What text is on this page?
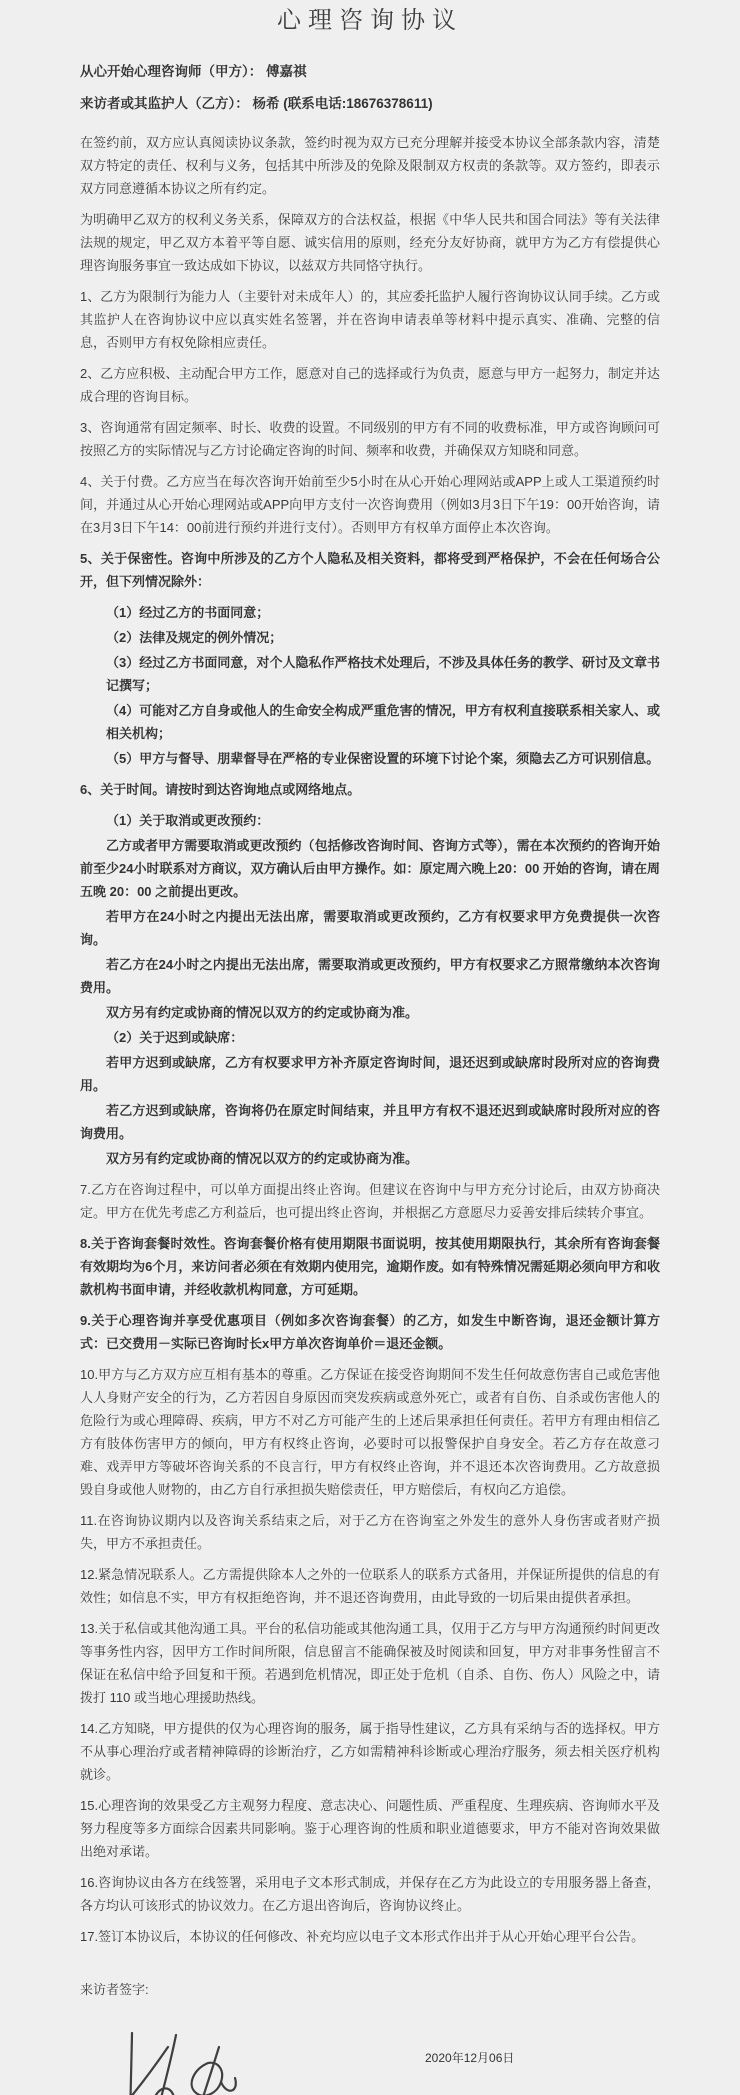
心理咨询协议

从心开始心理咨询师（甲方）： 傅嘉祺

来访者或其监护人（乙方）： 杨希 (联系电话:18676378611)

在签约前，双方应认真阅读协议条款，签约时视为双方已充分理解并接受本协议全部条款内容，清楚双方特定的责任、权利与义务，包括其中所涉及的免除及限制双方权责的条款等。双方签约，即表示双方同意遵循本协议之所有约定。

为明确甲乙双方的权利义务关系，保障双方的合法权益，根据《中华人民共和国合同法》等有关法律法规的规定，甲乙双方本着平等自愿、诚实信用的原则，经充分友好协商，就甲方为乙方有偿提供心理咨询服务事宜一致达成如下协议，以兹双方共同恪守执行。

1、乙方为限制行为能力人（主要针对未成年人）的，其应委托监护人履行咨询协议认同手续。乙方或其监护人在咨询协议中应以真实姓名签署，并在咨询申请表单等材料中提示真实、准确、完整的信息，否则甲方有权免除相应责任。

2、乙方应积极、主动配合甲方工作，愿意对自己的选择或行为负责，愿意与甲方一起努力，制定并达成合理的咨询目标。

3、咨询通常有固定频率、时长、收费的设置。不同级别的甲方有不同的收费标准，甲方或咨询顾问可按照乙方的实际情况与乙方讨论确定咨询的时间、频率和收费，并确保双方知晓和同意。

4、关于付费。乙方应当在每次咨询开始前至少5小时在从心开始心理网站或APP上或人工渠道预约时间，并通过从心开始心理网站或APP向甲方支付一次咨询费用（例如3月3日下午19：00开始咨询，请在3月3日下午14：00前进行预约并进行支付）。否则甲方有权单方面停止本次咨询。

5、关于保密性。咨询中所涉及的乙方个人隐私及相关资料，都将受到严格保护，不会在任何场合公开，但下列情况除外：

（1）经过乙方的书面同意；

（2）法律及规定的例外情况；

（3）经过乙方书面同意，对个人隐私作严格技术处理后，不涉及具体任务的教学、研讨及文章书记撰写；

（4）可能对乙方自身或他人的生命安全构成严重危害的情况，甲方有权利直接联系相关家人、或相关机构；

（5）甲方与督导、朋辈督导在严格的专业保密设置的环境下讨论个案，须隐去乙方可识别信息。

6、关于时间。请按时到达咨询地点或网络地点。

（1）关于取消或更改预约：

乙方或者甲方需要取消或更改预约（包括修改咨询时间、咨询方式等），需在本次预约的咨询开始前至少24小时联系对方商议，双方确认后由甲方操作。如：原定周六晚上20：00 开始的咨询，请在周五晚 20：00 之前提出更改。

若甲方在24小时之内提出无法出席，需要取消或更改预约，乙方有权要求甲方免费提供一次咨询。

若乙方在24小时之内提出无法出席，需要取消或更改预约，甲方有权要求乙方照常缴纳本次咨询费用。

双方另有约定或协商的情况以双方的约定或协商为准。

（2）关于迟到或缺席：

若甲方迟到或缺席，乙方有权要求甲方补齐原定咨询时间，退还迟到或缺席时段所对应的咨询费用。

若乙方迟到或缺席，咨询将仍在原定时间结束，并且甲方有权不退还迟到或缺席时段所对应的咨询费用。

双方另有约定或协商的情况以双方的约定或协商为准。

7.乙方在咨询过程中，可以单方面提出终止咨询。但建议在咨询中与甲方充分讨论后，由双方协商决定。甲方在优先考虑乙方利益后，也可提出终止咨询，并根据乙方意愿尽力妥善安排后续转介事宜。

8.关于咨询套餐时效性。咨询套餐价格有使用期限书面说明，按其使用期限执行，其余所有咨询套餐有效期均为6个月，来访问者必须在有效期内使用完，逾期作废。如有特殊情况需延期必须向甲方和收款机构书面申请，并经收款机构同意，方可延期。

9.关于心理咨询并享受优惠项目（例如多次咨询套餐）的乙方，如发生中断咨询，退还金额计算方式：已交费用－实际已咨询时长x甲方单次咨询单价＝退还金额。

10.甲方与乙方双方应互相有基本的尊重。乙方保证在接受咨询期间不发生任何故意伤害自己或危害他人人身财产安全的行为，乙方若因自身原因而突发疾病或意外死亡，或者有自伤、自杀或伤害他人的危险行为或心理障碍、疾病，甲方不对乙方可能产生的上述后果承担任何责任。若甲方有理由相信乙方有肢体伤害甲方的倾向，甲方有权终止咨询，必要时可以报警保护自身安全。若乙方存在故意刁难、戏弄甲方等破坏咨询关系的不良言行，甲方有权终止咨询，并不退还本次咨询费用。乙方故意损毁自身或他人财物的，由乙方自行承担损失赔偿责任，甲方赔偿后，有权向乙方追偿。

11.在咨询协议期内以及咨询关系结束之后，对于乙方在咨询室之外发生的意外人身伤害或者财产损失，甲方不承担责任。

12.紧急情况联系人。乙方需提供除本人之外的一位联系人的联系方式备用，并保证所提供的信息的有效性；如信息不实，甲方有权拒绝咨询，并不退还咨询费用，由此导致的一切后果由提供者承担。

13.关于私信或其他沟通工具。平台的私信功能或其他沟通工具，仅用于乙方与甲方沟通预约时间更改等事务性内容，因甲方工作时间所限，信息留言不能确保被及时阅读和回复，甲方对非事务性留言不保证在私信中给予回复和干预。若遇到危机情况，即正处于危机（自杀、自伤、伤人）风险之中，请拨打 110 或当地心理援助热线。

14.乙方知晓，甲方提供的仅为心理咨询的服务，属于指导性建议，乙方具有采纳与否的选择权。甲方不从事心理治疗或者精神障碍的诊断治疗，乙方如需精神科诊断或心理治疗服务，须去相关医疗机构就诊。

15.心理咨询的效果受乙方主观努力程度、意志决心、问题性质、严重程度、生理疾病、咨询师水平及努力程度等多方面综合因素共同影响。鉴于心理咨询的性质和职业道德要求，甲方不能对咨询效果做出绝对承诺。

16.咨询协议由各方在线签署，采用电子文本形式制成，并保存在乙方为此设立的专用服务器上备查，各方均认可该形式的协议效力。在乙方退出咨询后，咨询协议终止。

17.签订本协议后，本协议的任何修改、补充均应以电子文本形式作出并于从心开始心理平台公告。

来访者签字:

2020年12月06日
